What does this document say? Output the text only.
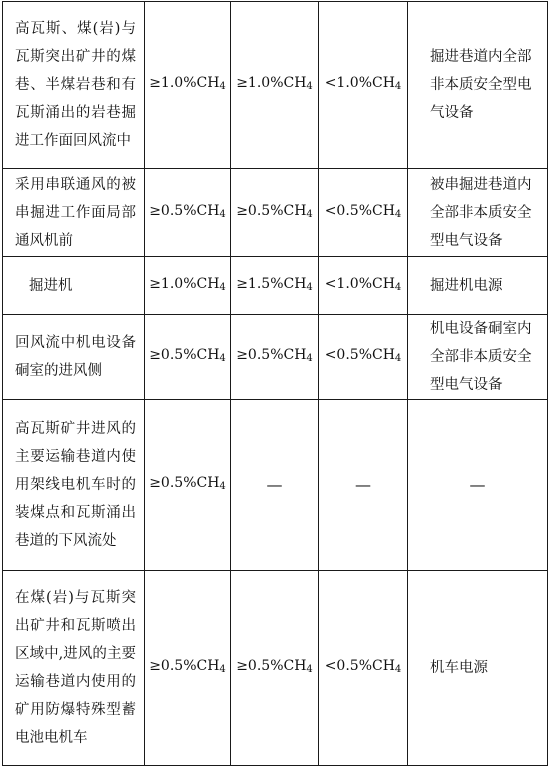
高瓦斯、煤(岩)与瓦斯突出矿井的煤巷、半煤岩巷和有瓦斯涌出的岩巷掘进工作面回风流中	$\ge 1.0\%CH_4$	$\ge 1.0\%CH_4$	$<1.0\%CH_4$	掘进巷道内全部非本质安全型电气设备
采用串联通风的被串掘进工作面局部通风机前	$\ge 0.5\%CH_4$	$\ge 0.5\%CH_4$	$<0.5\%CH_4$	被串掘进巷道内全部非本质安全型电气设备
掘进机	$\ge 1.0\%CH_4$	$\ge 1.5\%CH_4$	$<1.0\%CH_4$	掘进机电源
回风流中机电设备硐室的进风侧	$\ge 0.5\%CH_4$	$\ge 0.5\%CH_4$	$<0.5\%CH_4$	机电设备硐室内全部非本质安全型电气设备
高瓦斯矿井进风的主要运输巷道内使用架线电机车时的装煤点和瓦斯涌出巷道的下风流处	$\ge 0.5\%CH_4$	—	—	—
在煤(岩)与瓦斯突出矿井和瓦斯喷出区域中,进风的主要运输巷道内使用的矿用防爆特殊型蓄电池电机车	$\ge 0.5\%CH_4$	$\ge 0.5\%CH_4$	$<0.5\%CH_4$	机车电源
